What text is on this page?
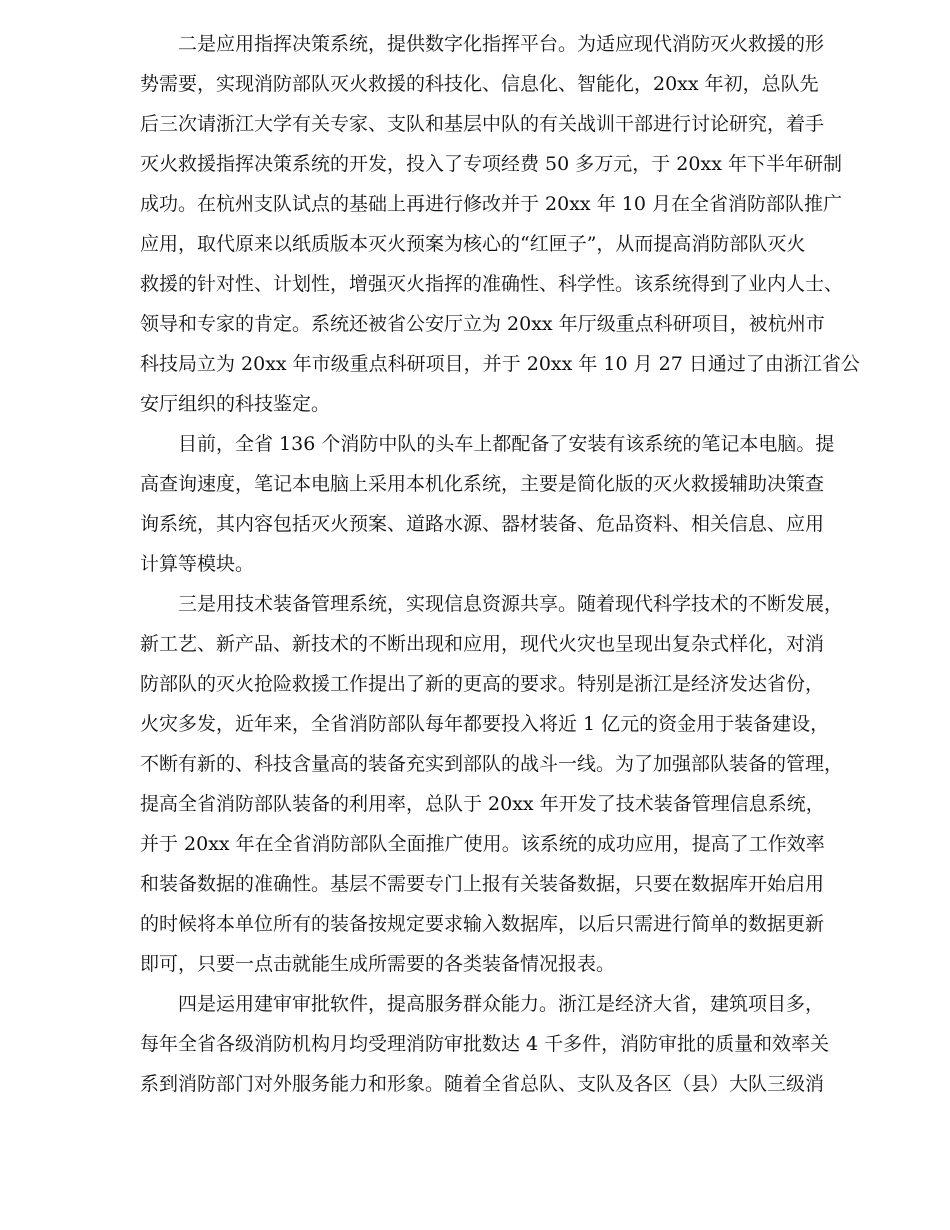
二是应用指挥决策系统，提供数字化指挥平台。为适应现代消防灭火救援的形
势需要，实现消防部队灭火救援的科技化、信息化、智能化，20xx 年初，总队先
后三次请浙江大学有关专家、支队和基层中队的有关战训干部进行讨论研究，着手
灭火救援指挥决策系统的开发，投入了专项经费 50 多万元，于 20xx 年下半年研制
成功。在杭州支队试点的基础上再进行修改并于 20xx 年 10 月在全省消防部队推广
应用，取代原来以纸质版本灭火预案为核心的“红匣子”，从而提高消防部队灭火
救援的针对性、计划性，增强灭火指挥的准确性、科学性。该系统得到了业内人士、
领导和专家的肯定。系统还被省公安厅立为 20xx 年厅级重点科研项目，被杭州市
科技局立为 20xx 年市级重点科研项目，并于 20xx 年 10 月 27 日通过了由浙江省公
安厅组织的科技鉴定。
目前，全省 136 个消防中队的头车上都配备了安装有该系统的笔记本电脑。提
高查询速度，笔记本电脑上采用本机化系统，主要是简化版的灭火救援辅助决策查
询系统，其内容包括灭火预案、道路水源、器材装备、危品资料、相关信息、应用
计算等模块。
三是用技术装备管理系统，实现信息资源共享。随着现代科学技术的不断发展，
新工艺、新产品、新技术的不断出现和应用，现代火灾也呈现出复杂式样化，对消
防部队的灭火抢险救援工作提出了新的更高的要求。特别是浙江是经济发达省份，
火灾多发，近年来，全省消防部队每年都要投入将近 1 亿元的资金用于装备建设，
不断有新的、科技含量高的装备充实到部队的战斗一线。为了加强部队装备的管理，
提高全省消防部队装备的利用率，总队于 20xx 年开发了技术装备管理信息系统，
并于 20xx 年在全省消防部队全面推广使用。该系统的成功应用，提高了工作效率
和装备数据的准确性。基层不需要专门上报有关装备数据，只要在数据库开始启用
的时候将本单位所有的装备按规定要求输入数据库，以后只需进行简单的数据更新
即可，只要一点击就能生成所需要的各类装备情况报表。
四是运用建审审批软件，提高服务群众能力。浙江是经济大省，建筑项目多，
每年全省各级消防机构月均受理消防审批数达 4 千多件，消防审批的质量和效率关
系到消防部门对外服务能力和形象。随着全省总队、支队及各区（县）大队三级消
